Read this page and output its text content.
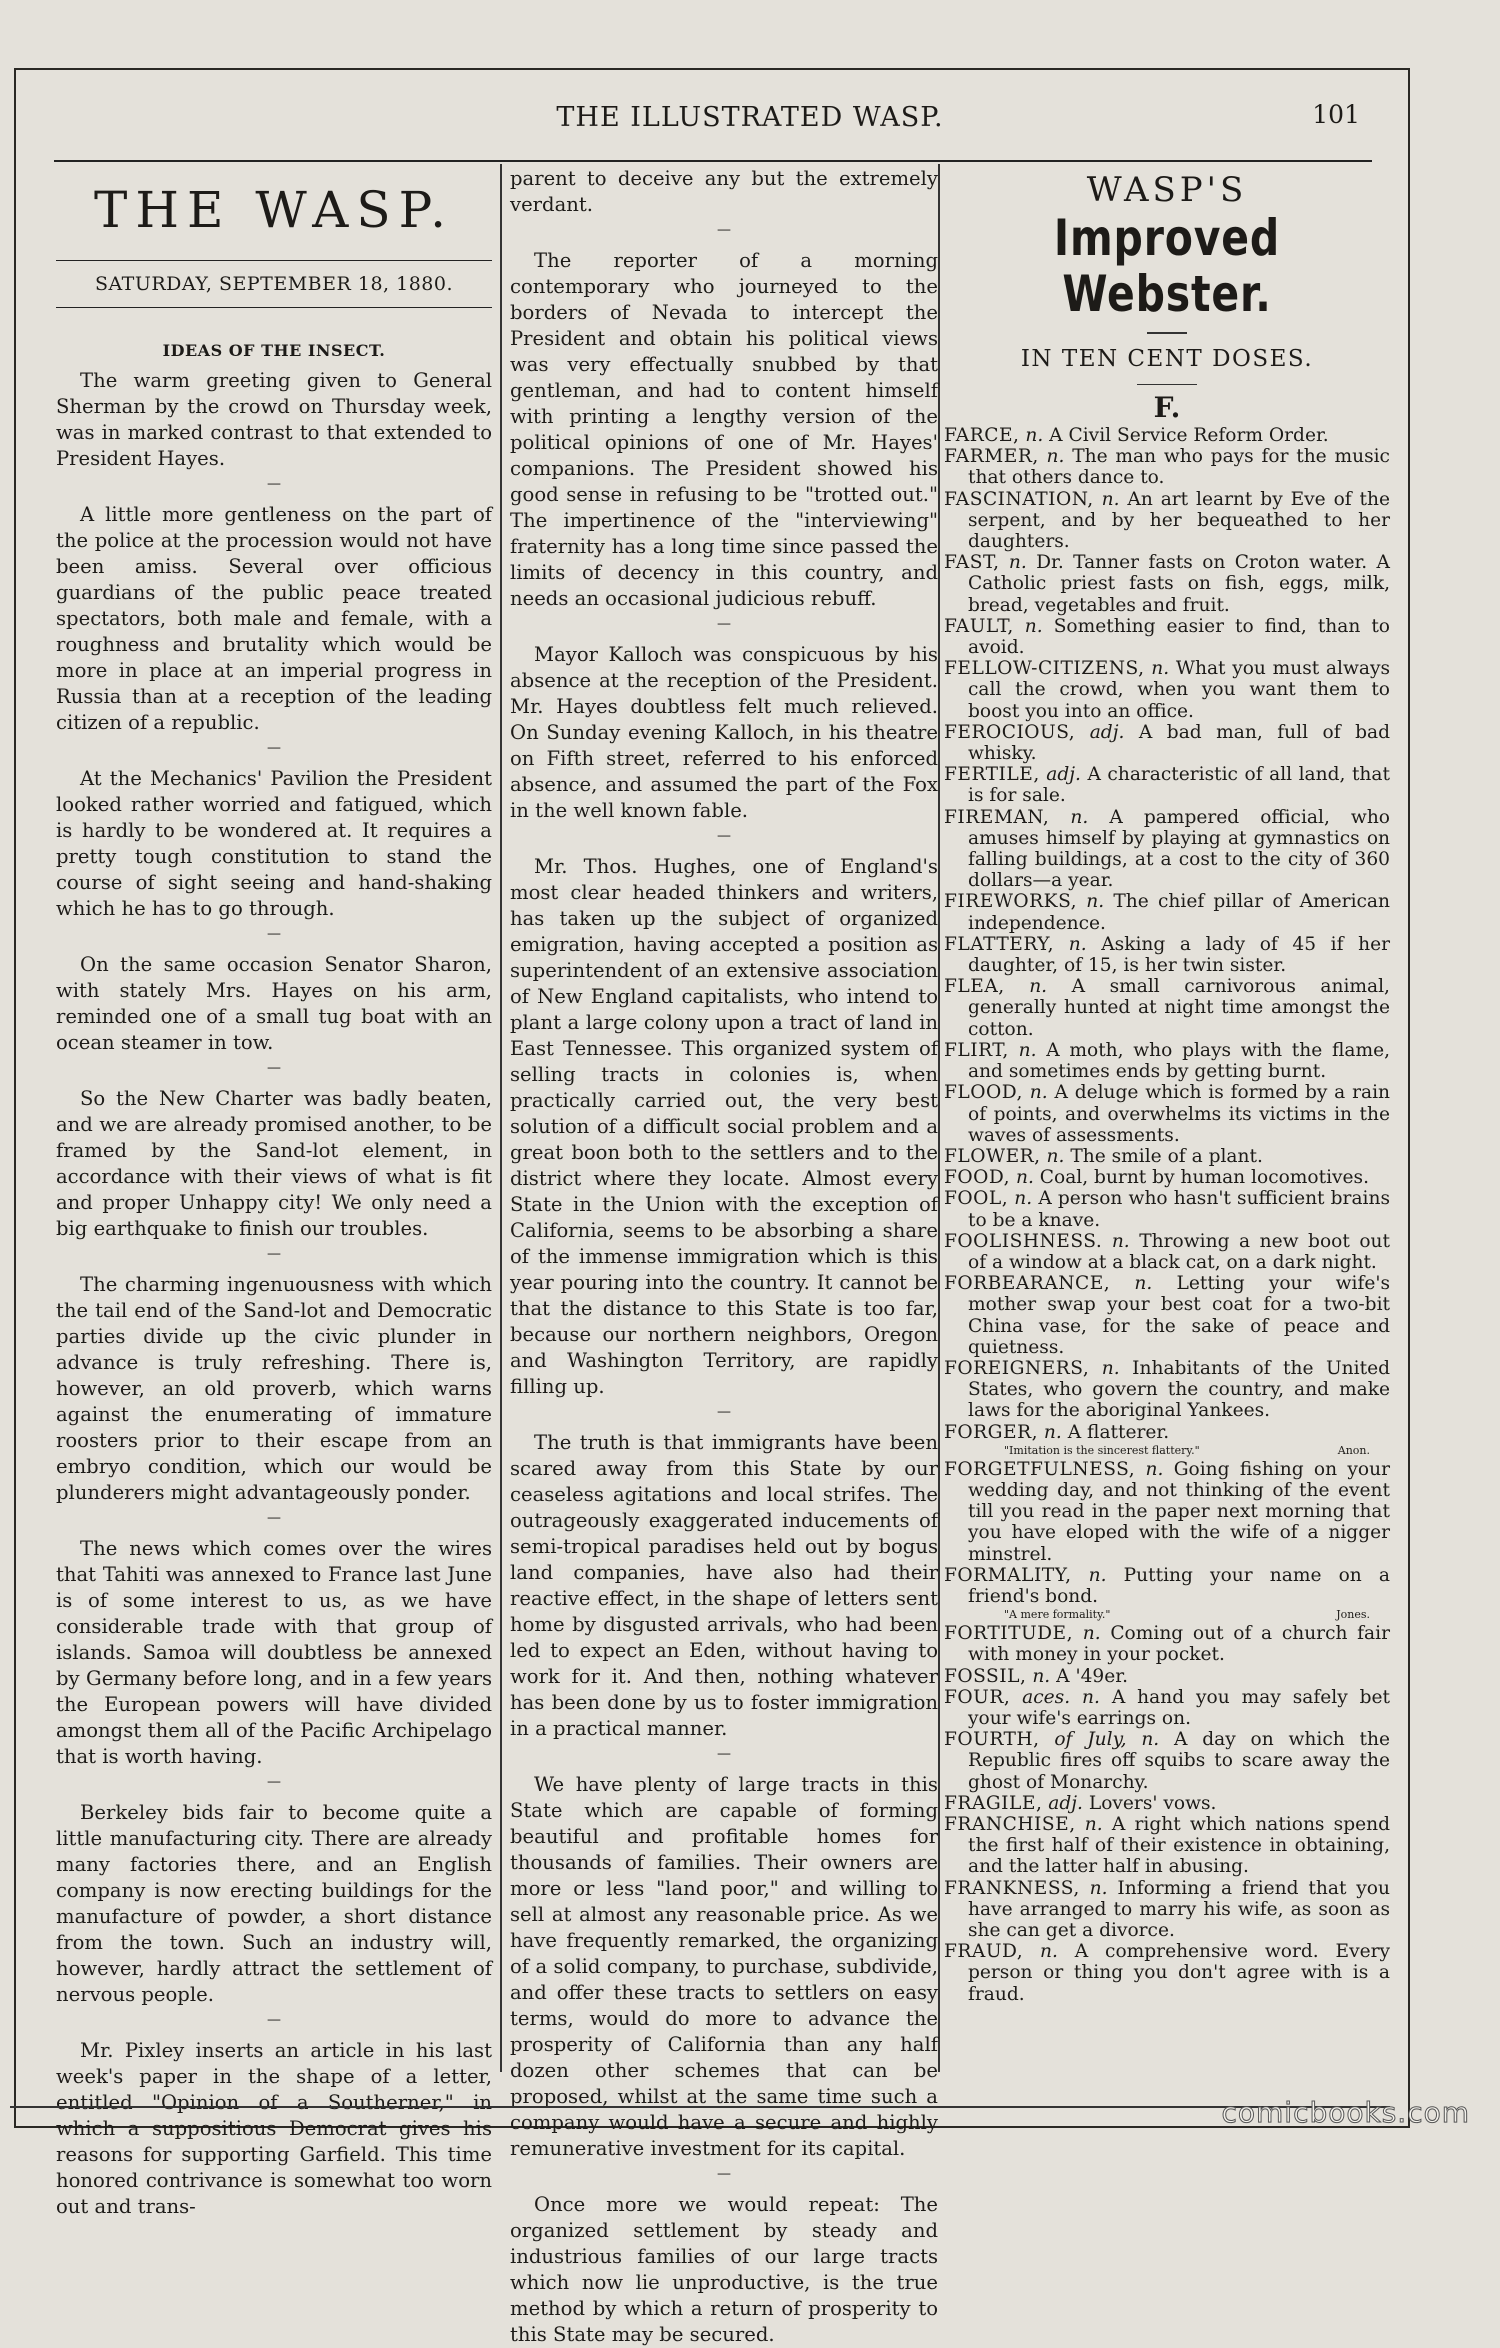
THE ILLUSTRATED WASP.	101
THE WASP.
SATURDAY, SEPTEMBER 18, 1880.
IDEAS OF THE INSECT.

The warm greeting given to General Sherman by the crowd on Thursday week, was in marked contrast to that extended to President Hayes.

—

A little more gentleness on the part of the police at the procession would not have been amiss. Several over officious guardians of the public peace treated spectators, both male and female, with a roughness and brutality which would be more in place at an imperial progress in Russia than at a reception of the leading citizen of a republic.

—

At the Mechanics' Pavilion the President looked rather worried and fatigued, which is hardly to be wondered at. It requires a pretty tough constitution to stand the course of sight seeing and hand-shaking which he has to go through.

—

On the same occasion Senator Sharon, with stately Mrs. Hayes on his arm, reminded one of a small tug boat with an ocean steamer in tow.

—

So the New Charter was badly beaten, and we are already promised another, to be framed by the Sand-lot element, in accordance with their views of what is fit and proper Unhappy city! We only need a big earthquake to finish our troubles.

—

The charming ingenuousness with which the tail end of the Sand-lot and Democratic parties divide up the civic plunder in advance is truly refreshing. There is, however, an old proverb, which warns against the enumerating of immature roosters prior to their escape from an embryo condition, which our would be plunderers might advantageously ponder.

—

The news which comes over the wires that Tahiti was annexed to France last June is of some interest to us, as we have considerable trade with that group of islands. Samoa will doubtless be annexed by Germany before long, and in a few years the European powers will have divided amongst them all of the Pacific Archipelago that is worth having.

—

Berkeley bids fair to become quite a little manufacturing city. There are already many factories there, and an English company is now erecting buildings for the manufacture of powder, a short distance from the town. Such an industry will, however, hardly attract the settlement of nervous people.

—

Mr. Pixley inserts an article in his last week's paper in the shape of a letter, entitled "Opinion of a Southerner," in which a suppositious Democrat gives his reasons for supporting Garfield. This time honored contrivance is somewhat too worn out and trans-

parent to deceive any but the extremely verdant.

—

The reporter of a morning contemporary who journeyed to the borders of Nevada to intercept the President and obtain his political views was very effectually snubbed by that gentleman, and had to content himself with printing a lengthy version of the political opinions of one of Mr. Hayes' companions. The President showed his good sense in refusing to be "trotted out." The impertinence of the "interviewing" fraternity has a long time since passed the limits of decency in this country, and needs an occasional judicious rebuff.

—

Mayor Kalloch was conspicuous by his absence at the reception of the President. Mr. Hayes doubtless felt much relieved. On Sunday evening Kalloch, in his theatre on Fifth street, referred to his enforced absence, and assumed the part of the Fox in the well known fable.

—

Mr. Thos. Hughes, one of England's most clear headed thinkers and writers, has taken up the subject of organized emigration, having accepted a position as superintendent of an extensive association of New England capitalists, who intend to plant a large colony upon a tract of land in East Tennessee. This organized system of selling tracts in colonies is, when practically carried out, the very best solution of a difficult social problem and a great boon both to the settlers and to the district where they locate. Almost every State in the Union with the exception of California, seems to be absorbing a share of the immense immigration which is this year pouring into the country. It cannot be that the distance to this State is too far, because our northern neighbors, Oregon and Washington Territory, are rapidly filling up.

—

The truth is that immigrants have been scared away from this State by our ceaseless agitations and local strifes. The outrageously exaggerated inducements of semi-tropical paradises held out by bogus land companies, have also had their reactive effect, in the shape of letters sent home by disgusted arrivals, who had been led to expect an Eden, without having to work for it. And then, nothing whatever has been done by us to foster immigration in a practical manner.

—

We have plenty of large tracts in this State which are capable of forming beautiful and profitable homes for thousands of families. Their owners are more or less "land poor," and willing to sell at almost any reasonable price. As we have frequently remarked, the organizing of a solid company, to purchase, subdivide, and offer these tracts to settlers on easy terms, would do more to advance the prosperity of California than any half dozen other schemes that can be proposed, whilst at the same time such a company would have a secure and highly remunerative investment for its capital.

—

Once more we would repeat: The organized settlement by steady and industrious families of our large tracts which now lie unproductive, is the true method by which a return of prosperity to this State may be secured.

WASP'S
Improved Webster.
IN TEN CENT DOSES.
F.
FARCE, n. A Civil Service Reform Order.
FARMER, n. The man who pays for the music that others dance to.
FASCINATION, n. An art learnt by Eve of the serpent, and by her bequeathed to her daughters.
FAST, n. Dr. Tanner fasts on Croton water. A Catholic priest fasts on fish, eggs, milk, bread, vegetables and fruit.
FAULT, n. Something easier to find, than to avoid.
FELLOW-CITIZENS, n. What you must always call the crowd, when you want them to boost you into an office.
FEROCIOUS, adj. A bad man, full of bad whisky.
FERTILE, adj. A characteristic of all land, that is for sale.
FIREMAN, n. A pampered official, who amuses himself by playing at gymnastics on falling buildings, at a cost to the city of 360 dollars—a year.
FIREWORKS, n. The chief pillar of American independence.
FLATTERY, n. Asking a lady of 45 if her daughter, of 15, is her twin sister.
FLEA, n. A small carnivorous animal, generally hunted at night time amongst the cotton.
FLIRT, n. A moth, who plays with the flame, and sometimes ends by getting burnt.
FLOOD, n. A deluge which is formed by a rain of points, and overwhelms its victims in the waves of assessments.
FLOWER, n. The smile of a plant.
FOOD, n. Coal, burnt by human locomotives.
FOOL, n. A person who hasn't sufficient brains to be a knave.
FOOLISHNESS. n. Throwing a new boot out of a window at a black cat, on a dark night.
FORBEARANCE, n. Letting your wife's mother swap your best coat for a two-bit China vase, for the sake of peace and quietness.
FOREIGNERS, n. Inhabitants of the United States, who govern the country, and make laws for the aboriginal Yankees.
FORGER, n. A flatterer.
"Imitation is the sincerest flattery."	Anon.
FORGETFULNESS, n. Going fishing on your wedding day, and not thinking of the event till you read in the paper next morning that you have eloped with the wife of a nigger minstrel.
FORMALITY, n. Putting your name on a friend's bond.
"A mere formality."	Jones.
FORTITUDE, n. Coming out of a church fair with money in your pocket.
FOSSIL, n. A '49er.
FOUR, aces. n. A hand you may safely bet your wife's earrings on.
FOURTH, of July, n. A day on which the Republic fires off squibs to scare away the ghost of Monarchy.
FRAGILE, adj. Lovers' vows.
FRANCHISE, n. A right which nations spend the first half of their existence in obtaining, and the latter half in abusing.
FRANKNESS, n. Informing a friend that you have arranged to marry his wife, as soon as she can get a divorce.
FRAUD, n. A comprehensive word. Every person or thing you don't agree with is a fraud.
comicbooks.com
